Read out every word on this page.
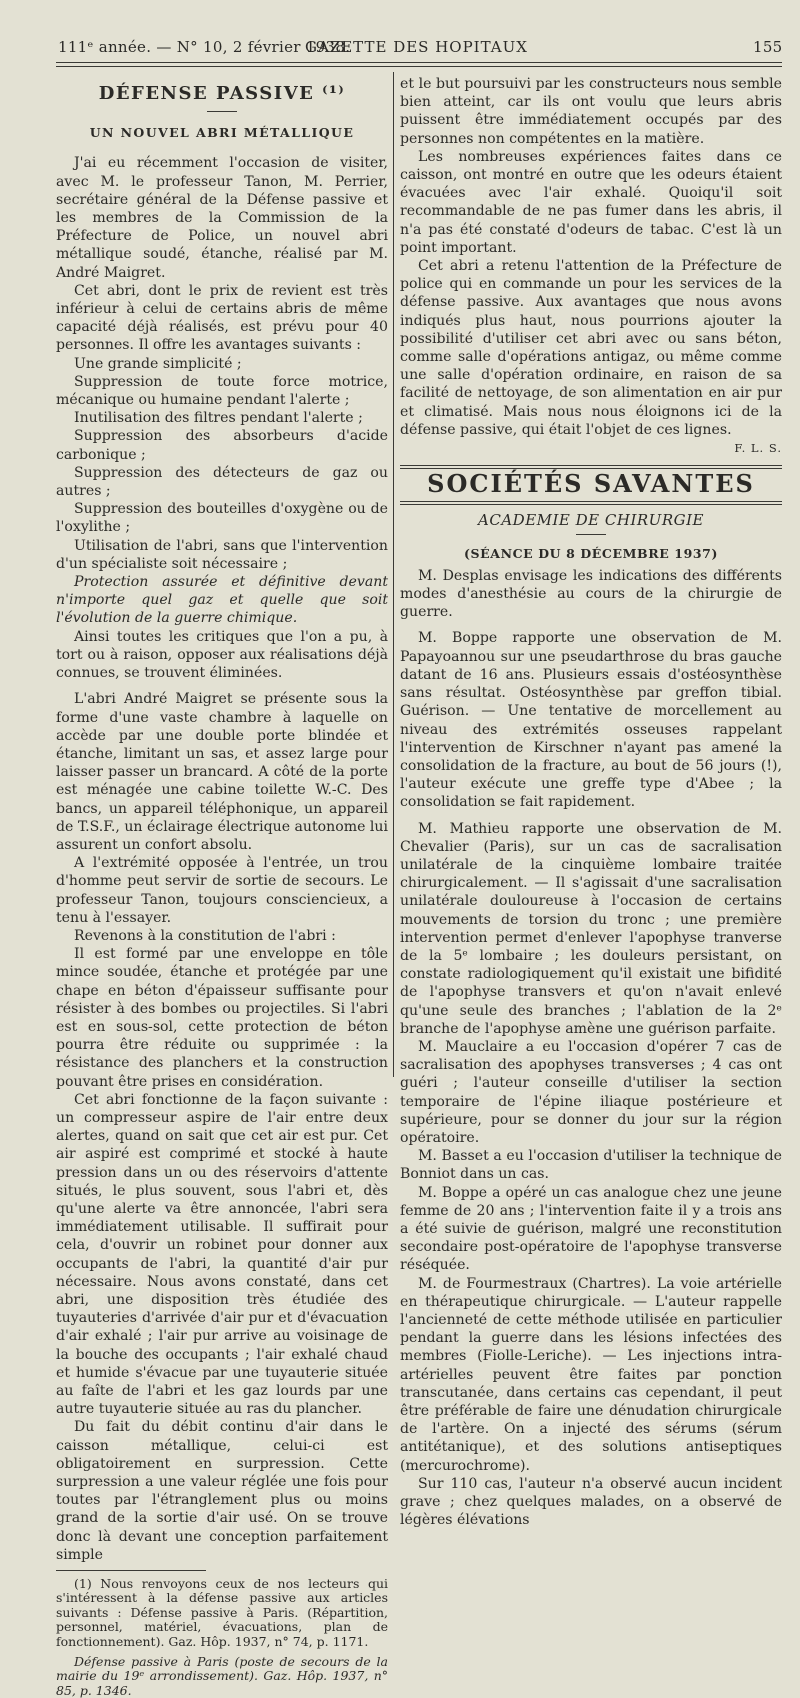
111ᵉ année. — N° 10, 2 février 1938.
GAZETTE DES HOPITAUX	155
DÉFENSE PASSIVE ⁽¹⁾
UN NOUVEL ABRI MÉTALLIQUE

J'ai eu récemment l'occasion de visiter, avec M. le professeur Tanon, M. Perrier, secrétaire général de la Défense passive et les membres de la Commission de la Préfecture de Police, un nouvel abri métallique soudé, étanche, réalisé par M. André Maigret.

Cet abri, dont le prix de revient est très inférieur à celui de certains abris de même capacité déjà réalisés, est prévu pour 40 personnes. Il offre les avantages suivants :

Une grande simplicité ;

Suppression de toute force motrice, mécanique ou humaine pendant l'alerte ;

Inutilisation des filtres pendant l'alerte ;

Suppression des absorbeurs d'acide carbonique ;

Suppression des détecteurs de gaz ou autres ;

Suppression des bouteilles d'oxygène ou de l'oxylithe ;

Utilisation de l'abri, sans que l'intervention d'un spécialiste soit nécessaire ;

Protection assurée et définitive devant n'importe quel gaz et quelle que soit l'évolution de la guerre chimique.

Ainsi toutes les critiques que l'on a pu, à tort ou à raison, opposer aux réalisations déjà connues, se trouvent éliminées.

L'abri André Maigret se présente sous la forme d'une vaste chambre à laquelle on accède par une double porte blindée et étanche, limitant un sas, et assez large pour laisser passer un brancard. A côté de la porte est ménagée une cabine toilette W.-C. Des bancs, un appareil téléphonique, un appareil de T.S.F., un éclairage électrique autonome lui assurent un confort absolu.

A l'extrémité opposée à l'entrée, un trou d'homme peut servir de sortie de secours. Le professeur Tanon, toujours consciencieux, a tenu à l'essayer.

Revenons à la constitution de l'abri :

Il est formé par une enveloppe en tôle mince soudée, étanche et protégée par une chape en béton d'épaisseur suffisante pour résister à des bombes ou projectiles. Si l'abri est en sous-sol, cette protection de béton pourra être réduite ou supprimée : la résistance des planchers et la construction pouvant être prises en considération.

Cet abri fonctionne de la façon suivante : un compresseur aspire de l'air entre deux alertes, quand on sait que cet air est pur. Cet air aspiré est comprimé et stocké à haute pression dans un ou des réservoirs d'attente situés, le plus souvent, sous l'abri et, dès qu'une alerte va être annoncée, l'abri sera immédiatement utilisable. Il suffirait pour cela, d'ouvrir un robinet pour donner aux occupants de l'abri, la quantité d'air pur nécessaire. Nous avons constaté, dans cet abri, une disposition très étudiée des tuyauteries d'arrivée d'air pur et d'évacuation d'air exhalé ; l'air pur arrive au voisinage de la bouche des occupants ; l'air exhalé chaud et humide s'évacue par une tuyauterie située au faîte de l'abri et les gaz lourds par une autre tuyauterie située au ras du plancher.

Du fait du débit continu d'air dans le caisson métallique, celui-ci est obligatoirement en surpression. Cette surpression a une valeur réglée une fois pour toutes par l'étranglement plus ou moins grand de la sortie d'air usé. On se trouve donc là devant une conception parfaitement simple

(1) Nous renvoyons ceux de nos lecteurs qui s'intéressent à la défense passive aux articles suivants : Défense passive à Paris. (Répartition, personnel, matériel, évacuations, plan de fonctionnement). Gaz. Hôp. 1937, n° 74, p. 1171.

Défense passive à Paris (poste de secours de la mairie du 19ᵉ arrondissement). Gaz. Hôp. 1937, n° 85, p. 1346.

et le but poursuivi par les constructeurs nous semble bien atteint, car ils ont voulu que leurs abris puissent être immédiatement occupés par des personnes non compétentes en la matière.

Les nombreuses expériences faites dans ce caisson, ont montré en outre que les odeurs étaient évacuées avec l'air exhalé. Quoiqu'il soit recommandable de ne pas fumer dans les abris, il n'a pas été constaté d'odeurs de tabac. C'est là un point important.

Cet abri a retenu l'attention de la Préfecture de police qui en commande un pour les services de la défense passive. Aux avantages que nous avons indiqués plus haut, nous pourrions ajouter la possibilité d'utiliser cet abri avec ou sans béton, comme salle d'opérations antigaz, ou même comme une salle d'opération ordinaire, en raison de sa facilité de nettoyage, de son alimentation en air pur et climatisé. Mais nous nous éloignons ici de la défense passive, qui était l'objet de ces lignes.

F. L. S.
SOCIÉTÉS SAVANTES
ACADEMIE DE CHIRURGIE
(SÉANCE DU 8 DÉCEMBRE 1937)

M. Desplas envisage les indications des différents modes d'anesthésie au cours de la chirurgie de guerre.

M. Boppe rapporte une observation de M. Papayoannou sur une pseudarthrose du bras gauche datant de 16 ans. Plusieurs essais d'ostéosynthèse sans résultat. Ostéosynthèse par greffon tibial. Guérison. — Une tentative de morcellement au niveau des extrémités osseuses rappelant l'intervention de Kirschner n'ayant pas amené la consolidation de la fracture, au bout de 56 jours (!), l'auteur exécute une greffe type d'Abee ; la consolidation se fait rapidement.

M. Mathieu rapporte une observation de M. Chevalier (Paris), sur un cas de sacralisation unilatérale de la cinquième lombaire traitée chirurgicalement. — Il s'agissait d'une sacralisation unilatérale douloureuse à l'occasion de certains mouvements de torsion du tronc ; une première intervention permet d'enlever l'apophyse tranverse de la 5ᵉ lombaire ; les douleurs persistant, on constate radiologiquement qu'il existait une bifidité de l'apophyse transvers et qu'on n'avait enlevé qu'une seule des branches ; l'ablation de la 2ᵉ branche de l'apophyse amène une guérison parfaite.

M. Mauclaire a eu l'occasion d'opérer 7 cas de sacralisation des apophyses transverses ; 4 cas ont guéri ; l'auteur conseille d'utiliser la section temporaire de l'épine iliaque postérieure et supérieure, pour se donner du jour sur la région opératoire.

M. Basset a eu l'occasion d'utiliser la technique de Bonniot dans un cas.

M. Boppe a opéré un cas analogue chez une jeune femme de 20 ans ; l'intervention faite il y a trois ans a été suivie de guérison, malgré une reconstitution secondaire post-opératoire de l'apophyse transverse réséquée.

M. de Fourmestraux (Chartres). La voie artérielle en thérapeutique chirurgicale. — L'auteur rappelle l'ancienneté de cette méthode utilisée en particulier pendant la guerre dans les lésions infectées des membres (Fiolle-Leriche). — Les injections intra-artérielles peuvent être faites par ponction transcutanée, dans certains cas cependant, il peut être préférable de faire une dénudation chirurgicale de l'artère. On a injecté des sérums (sérum antitétanique), et des solutions antiseptiques (mercurochrome).

Sur 110 cas, l'auteur n'a observé aucun incident grave ; chez quelques malades, on a observé de légères élévations
